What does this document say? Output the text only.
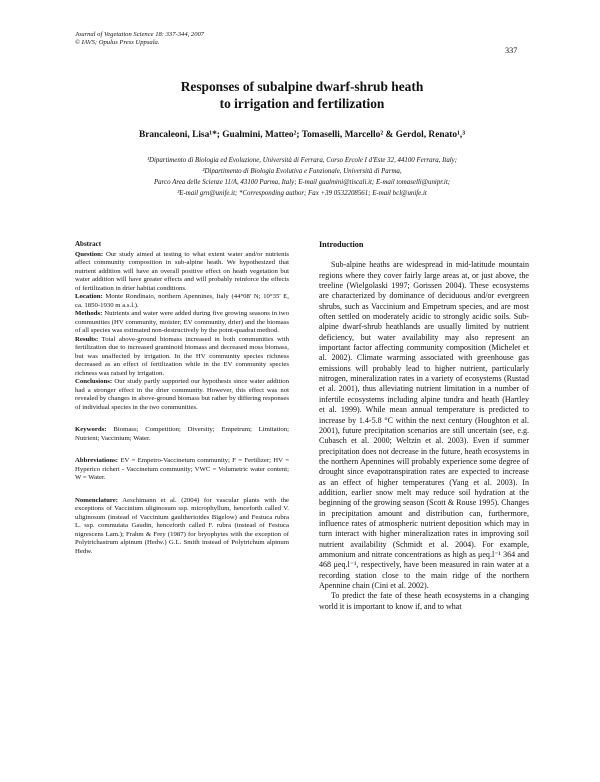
Journal of Vegetation Science 18: 337-344, 2007
© IAVS; Opulus Press Uppsala.
337
Responses of subalpine dwarf-shrub heath
to irrigation and fertilization
Brancaleoni, Lisa¹*; Gualmini, Matteo²; Tomaselli, Marcello² & Gerdol, Renato¹,³
¹Dipartimento di Biologia ed Evoluzione, Università di Ferrara, Corso Ercole I d'Este 32, 44100 Ferrara, Italy;
²Dipartimento di Biologia Evolutiva e Funzionale, Università di Parma,
Parco Area delle Scienze 11/A, 43100 Parma, Italy; E-mail gualmini@tiscali.it; E-mail tomaselli@unipr.it;
³E-mail grn@unife.it; *Corresponding author; Fax +39 0532208561; E-mail bcl@unife.it
Abstract

Question: Our study aimed at testing to what extent water and/or nutrients affect community composition in sub-alpine heath. We hypothesized that nutrient addition will have an overall positive effect on heath vegetation but water addition will have greater effects and will probably reinforce the effects of fertilization in drier habitat conditions.

Location: Monte Rondinaio, northern Apennines, Italy (44°08' N; 10°35' E, ca. 1850-1930 m a.s.l.).

Methods: Nutrients and water were added during five growing seasons in two communities (HV community, moister; EV community, drier) and the biomass of all species was estimated non-destructively by the point-quadrat method.

Results: Total above-ground biomass increased in both communities with fertilization due to increased graminoid biomass and decreased moss biomass, but was unaffected by irrigation. In the HV community species richness decreased as an effect of fertilization while in the EV community species richness was raised by irrigation.

Conclusions: Our study partly supported our hypothesis since water addition had a stronger effect in the drier community. However, this effect was not revealed by changes in above-ground biomass but rather by differing responses of individual species in the two communities.

Keywords: Biomass; Competition; Diversity; Empetrum; Limitation; Nutrient; Vaccinium; Water.

Abbreviations: EV = Empetro-Vaccinetum community; F = Fertilizer; HV = Hyperico richeri - Vaccinetum community; VWC = Volumetric water content; W = Water.

Nomenclature: Aeschimann et al. (2004) for vascular plants with the exceptions of Vaccinium uliginosum ssp. microphyllum, henceforth called V. uliginosum (instead of Vaccinium gaultherioides Bigelow) and Festuca rubra L. ssp. commutata Gaudin, henceforth called F. rubra (instead of Festuca nigrescens Lam.); Frahm & Frey (1987) for bryophytes with the exception of Polytrichastrum alpinum (Hedw.) G.L. Smith instead of Polytrichum alpinum Hedw.

Introduction

Sub-alpine heaths are widespread in mid-latitude mountain regions where they cover fairly large areas at, or just above, the treeline (Wielgolaski 1997; Gorissen 2004). These ecosystems are characterized by dominance of deciduous and/or evergreen shrubs, such as Vaccinium and Empetrum species, and are most often settled on moderately acidic to strongly acidic soils. Sub-alpine dwarf-shrub heathlands are usually limited by nutrient deficiency, but water availability may also represent an important factor affecting community composition (Michelet et al. 2002). Climate warming associated with greenhouse gas emissions will probably lead to higher nutrient, particularly nitrogen, mineralization rates in a variety of ecosystems (Rustad et al. 2001), thus alleviating nutrient limitation in a number of infertile ecosystems including alpine tundra and heath (Hartley et al. 1999). While mean annual temperature is predicted to increase by 1.4-5.8 °C within the next century (Houghton et al. 2001), future precipitation scenarios are still uncertain (see, e.g. Cubasch et al. 2000; Weltzin et al. 2003). Even if summer precipitation does not decrease in the future, heath ecosystems in the northern Apennines will probably experience some degree of drought since evapotranspiration rates are expected to increase as an effect of higher temperatures (Yang et al. 2003). In addition, earlier snow melt may reduce soil hydration at the beginning of the growing season (Scott & Rouse 1995). Changes in precipitation amount and distribution can, furthermore, influence rates of atmospheric nutrient deposition which may in turn interact with higher mineralization rates in improving soil nutrient availability (Schmidt et al. 2004). For example, ammonium and nitrate concentrations as high as μeq.l⁻¹ 364 and 468 μeq.l⁻¹, respectively, have been measured in rain water at a recording station close to the main ridge of the northern Apennine chain (Cini et al. 2002).

To predict the fate of these heath ecosystems in a changing world it is important to know if, and to what
